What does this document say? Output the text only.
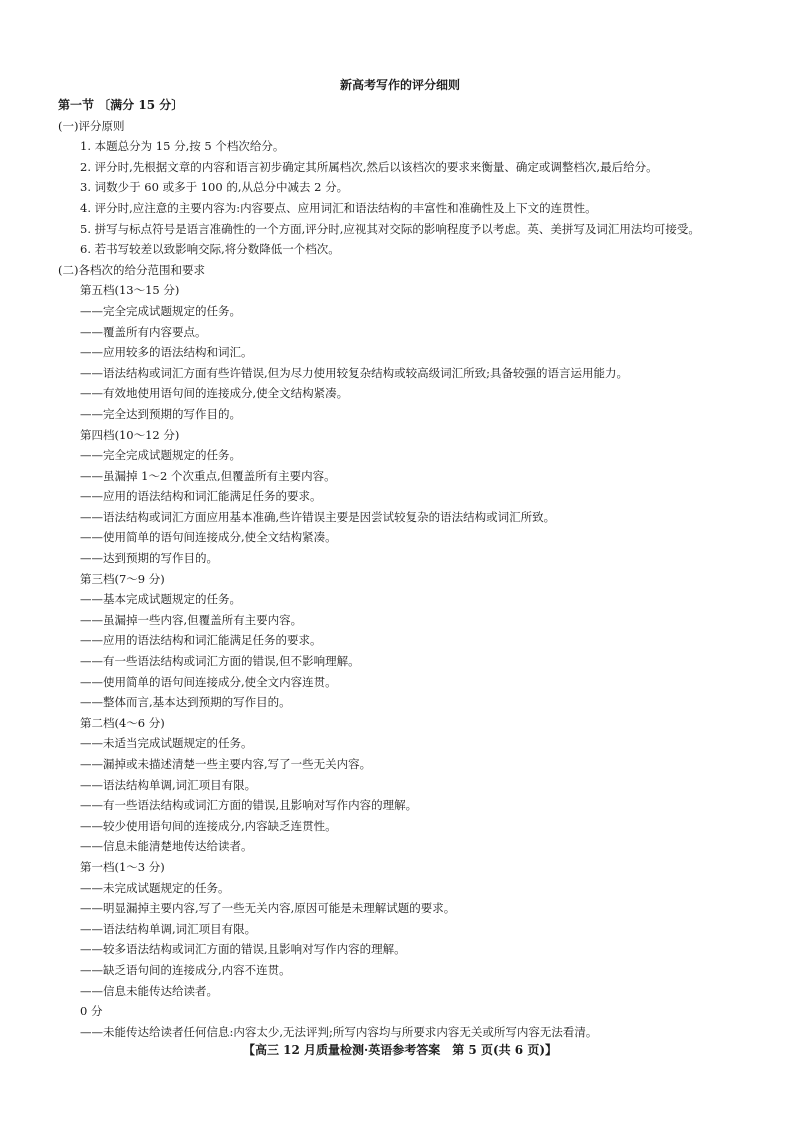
新高考写作的评分细则
第一节 〔满分 15 分〕
(一)评分原则
1. 本题总分为 15 分,按 5 个档次给分。
2. 评分时,先根据文章的内容和语言初步确定其所属档次,然后以该档次的要求来衡量、确定或调整档次,最后给分。
3. 词数少于 60 或多于 100 的,从总分中减去 2 分。
4. 评分时,应注意的主要内容为:内容要点、应用词汇和语法结构的丰富性和准确性及上下文的连贯性。
5. 拼写与标点符号是语言准确性的一个方面,评分时,应视其对交际的影响程度予以考虑。英、美拼写及词汇用法均可接受。
6. 若书写较差以致影响交际,将分数降低一个档次。
(二)各档次的给分范围和要求
第五档(13～15 分)
——完全完成试题规定的任务。
——覆盖所有内容要点。
——应用较多的语法结构和词汇。
——语法结构或词汇方面有些许错误,但为尽力使用较复杂结构或较高级词汇所致;具备较强的语言运用能力。
——有效地使用语句间的连接成分,使全文结构紧凑。
——完全达到预期的写作目的。
第四档(10～12 分)
——完全完成试题规定的任务。
——虽漏掉 1～2 个次重点,但覆盖所有主要内容。
——应用的语法结构和词汇能满足任务的要求。
——语法结构或词汇方面应用基本准确,些许错误主要是因尝试较复杂的语法结构或词汇所致。
——使用简单的语句间连接成分,使全文结构紧凑。
——达到预期的写作目的。
第三档(7～9 分)
——基本完成试题规定的任务。
——虽漏掉一些内容,但覆盖所有主要内容。
——应用的语法结构和词汇能满足任务的要求。
——有一些语法结构或词汇方面的错误,但不影响理解。
——使用简单的语句间连接成分,使全文内容连贯。
——整体而言,基本达到预期的写作目的。
第二档(4～6 分)
——未适当完成试题规定的任务。
——漏掉或未描述清楚一些主要内容,写了一些无关内容。
——语法结构单调,词汇项目有限。
——有一些语法结构或词汇方面的错误,且影响对写作内容的理解。
——较少使用语句间的连接成分,内容缺乏连贯性。
——信息未能清楚地传达给读者。
第一档(1～3 分)
——未完成试题规定的任务。
——明显漏掉主要内容,写了一些无关内容,原因可能是未理解试题的要求。
——语法结构单调,词汇项目有限。
——较多语法结构或词汇方面的错误,且影响对写作内容的理解。
——缺乏语句间的连接成分,内容不连贯。
——信息未能传达给读者。
0 分
——未能传达给读者任何信息:内容太少,无法评判;所写内容均与所要求内容无关或所写内容无法看清。
【高三 12 月质量检测·英语参考答案　第 5 页(共 6 页)】
